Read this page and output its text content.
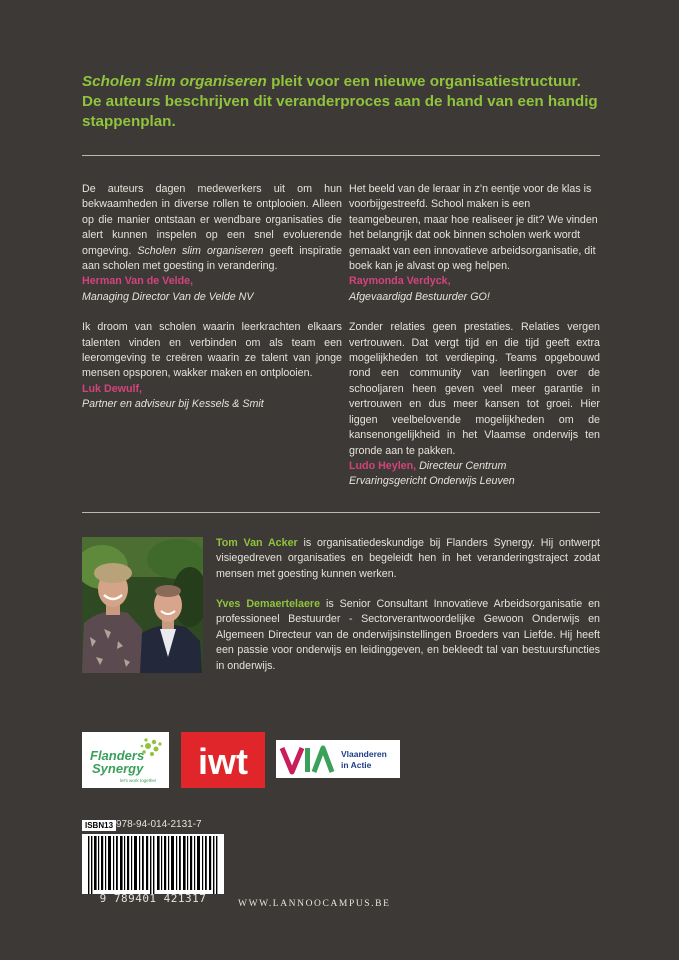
Scholen slim organiseren pleit voor een nieuwe organisatiestructuur. De auteurs beschrijven dit veranderproces aan de hand van een handig stappenplan.

De auteurs dagen medewerkers uit om hun bekwaamheden in diverse rollen te ontplooien. Alleen op die manier ontstaan er wendbare organisaties die alert kunnen inspelen op een snel evoluerende omgeving. Scholen slim organiseren geeft inspiratie aan scholen met goesting in verandering.

Herman Van de Velde,

Managing Director Van de Velde NV

Ik droom van scholen waarin leerkrachten elkaars talenten vinden en verbinden om als team een leeromgeving te creëren waarin ze talent van jonge mensen opsporen, wakker maken en ontplooien.

Luk Dewulf,

Partner en adviseur bij Kessels & Smit

Het beeld van de leraar in z’n eentje voor de klas is voorbijgestreefd. School maken is een teamgebeuren, maar hoe realiseer je dit? We vinden het belangrijk dat ook binnen scholen werk wordt gemaakt van een innovatieve arbeidsorganisatie, dit boek kan je alvast op weg helpen.

Raymonda Verdyck,

Afgevaardigd Bestuurder GO!

Zonder relaties geen prestaties. Relaties vergen vertrouwen. Dat vergt tijd en die tijd geeft extra mogelijkheden tot verdieping. Teams opgebouwd rond een community van leerlingen over de schooljaren heen geven veel meer garantie in vertrouwen en dus meer kansen tot groei. Hier liggen veelbelovende mogelijkheden om de kansenongelijkheid in het Vlaamse onderwijs ten gronde aan te pakken.

Ludo Heylen, Directeur Centrum

Ervaringsgericht Onderwijs Leuven

Tom Van Acker is organisatiedeskundige bij Flanders Synergy. Hij ontwerpt visiegedreven organisaties en begeleidt hen in het veranderingstraject zodat mensen met goesting kunnen werken.
Yves Demaertelaere is Senior Consultant Innovatieve Arbeidsorganisatie en professioneel Bestuurder - Sectorverantwoordelijke Gewoon Onderwijs en Algemeen Directeur van de onderwijsinstellingen Broeders van Liefde. Hij heeft een passie voor onderwijs en leidinggeven, en bekleedt tal van bestuursfuncties in onderwijs.
Flanders
Synergy
let's work together iwt	Vlaanderen
in Actie
ISBN13 978-94-014-2131-7
9 789401 421317	WWW.LANNOOCAMPUS.BE
